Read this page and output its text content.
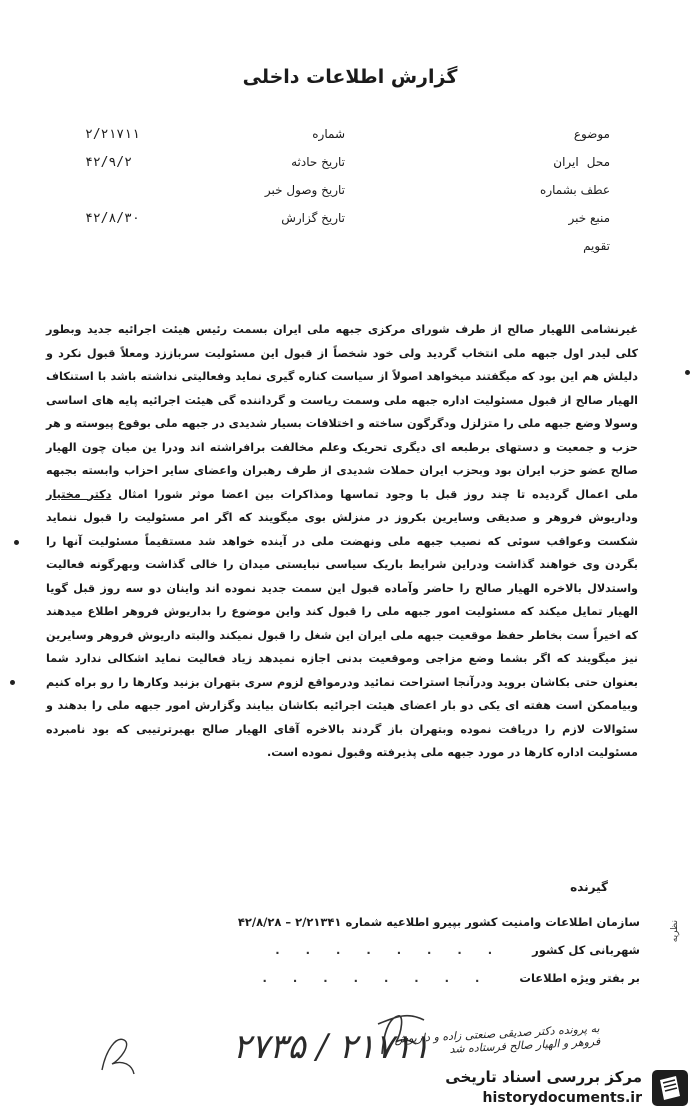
گزارش اطلاعات داخلی
موضوع
محل
ایران
عطف بشماره
منبع خبر
تقویم
شماره
۲/۲۱۷۱۱
تاریخ حادثه
۴۲/۹/۲
تاریخ وصول خبر
تاریخ گزارش
۴۲/۸/۳۰

غیرنشامی اللهیار صالح از طرف شورای مرکزی جبهه ملی ایران بسمت رئیس هیئت اجرائیه جدید وبطور کلی لیدر اول جبهه ملی انتخاب گردید ولی خود شخصاً از قبول این مسئولیت سرباززد ومعلاً قبول نکرد و دلیلش هم این بود که میگفتند میخواهد اصولاً از سیاست کناره گیری نماید وفعالیتی نداشته باشد با استنکاف الهیار صالح از قبول مسئولیت اداره جبهه ملی وسمت ریاست و گرداننده گی هیئت اجرائیه پایه های اساسی وسولا وضع جبهه ملی را متزلزل ودگرگون ساخته و اختلافات بسیار شدیدی در جبهه ملی بوقوع پیوسته و هر حزب و جمعیت و دستهای برطبعه ای دیگری تحریک وعلم مخالفت برافراشته اند ودرا ین میان چون الهیار صالح عضو حزب ایران بود وبحزب ایران حملات شدیدی از طرف رهبران واعضای سایر احزاب وابسته بجبهه ملی اعمال گردیده تا چند روز قبل با وجود تماسها ومذاکرات بین اعضا موثر شورا امثال دکتر مختیار وداریوش فروهر و صدیقی وسایرین بکروز در منزلش بوی میگویند که اگر امر مسئولیت را قبول ننماید شکست وعواقب سوئی که نصیب جبهه ملی ونهضت ملی در آینده خواهد شد مستقیماً مسئولیت آنها را بگردن وی خواهند گذاشت ودراین شرایط باریک سیاسی نبایستی میدان را خالی گذاشت وبهرگونه فعالیت واستدلال بالاخره الهیار صالح را حاضر وآماده قبول این سمت جدید نموده اند واینان دو سه روز قبل گویا الهیار تمایل میکند که مسئولیت امور جبهه ملی را قبول کند واین موضوع را بداریوش فروهر اطلاع میدهند که اخیراً ست بخاطر حفظ موقعیت جبهه ملی ایران این شغل را قبول نمیکند والبته داریوش فروهر وسایرین نیز میگویند که اگر بشما وضع مزاجی وموقعیت بدنی اجازه نمیدهد زیاد فعالیت نماید اشکالی ندارد شما بعنوان حتی بکاشان بروید ودرآنجا استراحت نمائید ودرمواقع لزوم سری بتهران بزنید وکارها را رو براه کنیم وبیاممکن است هفته ای یکی دو بار اعضای هیئت اجرائیه بکاشان بیایند وگزارش امور جبهه ملی را بدهند و سئوالات لازم را دریافت نموده وبتهران باز گردند بالاخره آقای الهیار صالح بهبرترتیبی که بود نامبرده مسئولیت اداره کارها در مورد جبهه ملی پذیرفته وقبول نموده است.

گیرنده
سازمان اطلاعات وامنیت کشور بپیرو اطلاعیه شماره ۲/۲۱۳۴۱ – ۴۲/۸/۲۸
شهربانی کل کشور
........
بر بفتر ویژه اطلاعات
........
نظریه
۲۱۷۱۱ / ۲۷۳۵
به پرونده دکتر صدیقی صنعتی زاده و داریوش فروهر و الهیار صالح فرستاده شد
مرکز بررسی اسناد تاریخی
historydocuments.ir
